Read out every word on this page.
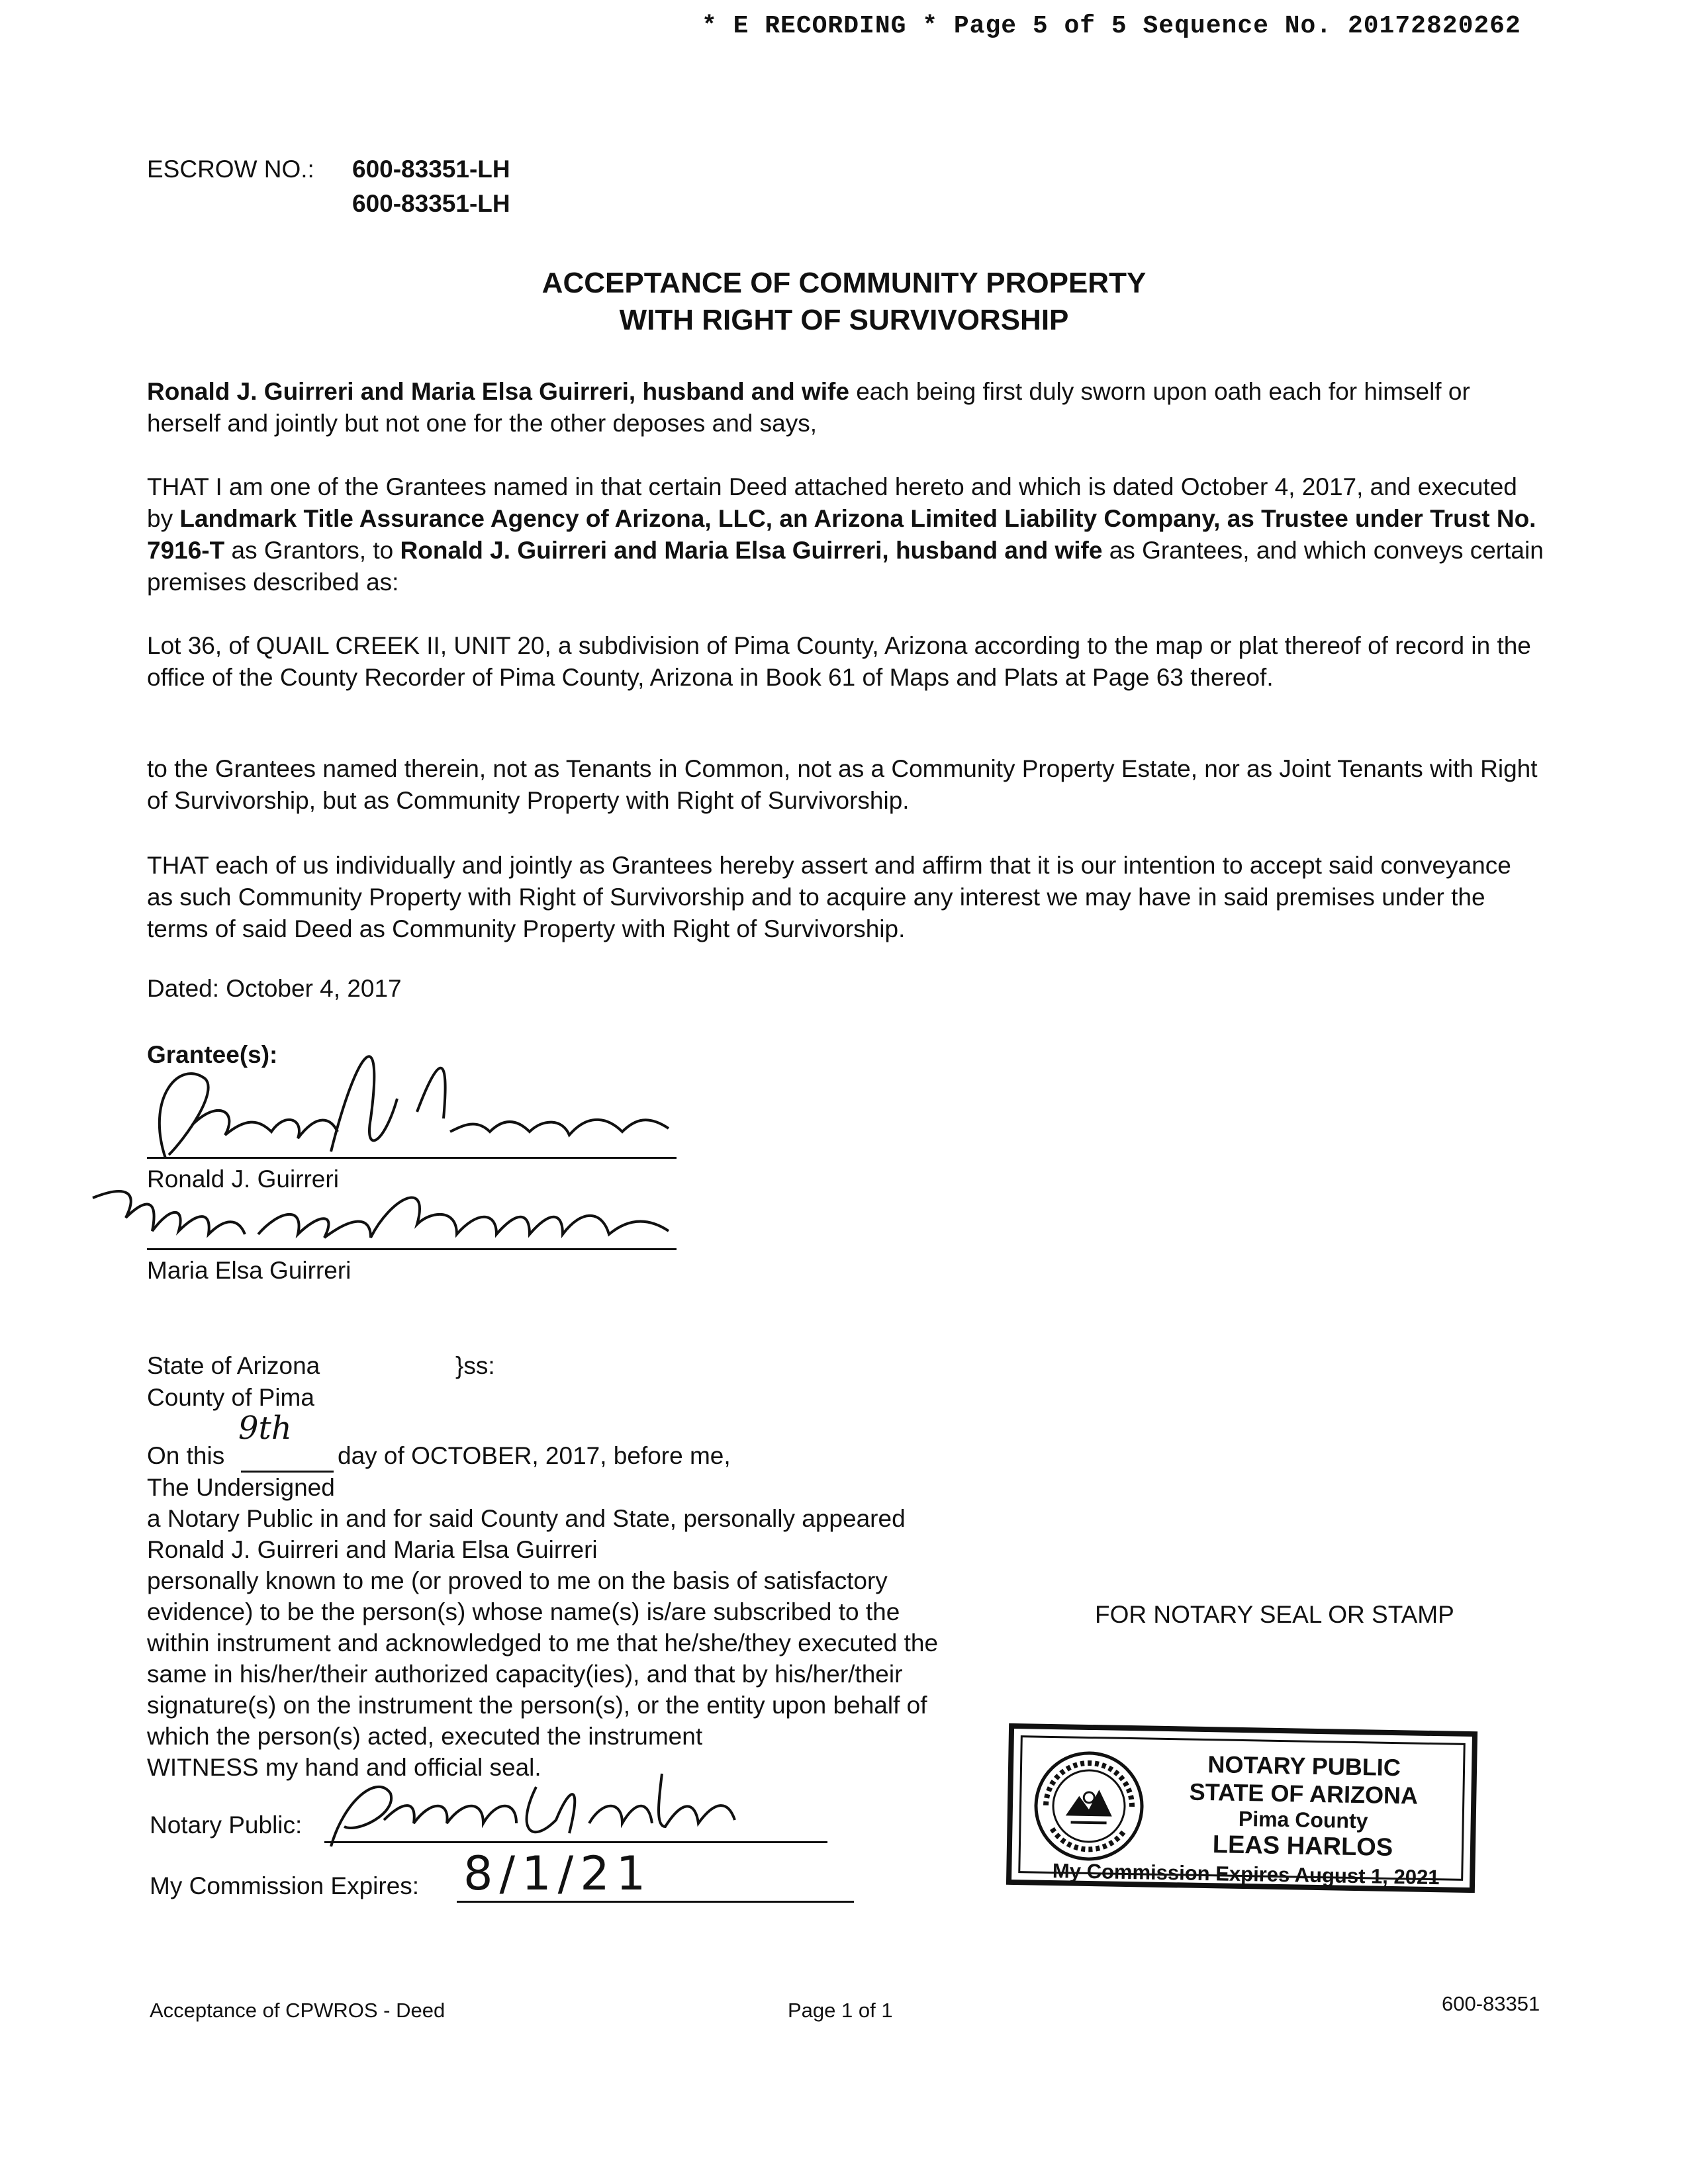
* E RECORDING * Page 5 of 5 Sequence No. 20172820262
ESCROW NO.: 600-83351-LH
600-83351-LH
ACCEPTANCE OF COMMUNITY PROPERTY
WITH RIGHT OF SURVIVORSHIP
Ronald J. Guirreri and Maria Elsa Guirreri, husband and wife each being first duly sworn upon oath each for himself or herself and jointly but not one for the other deposes and says,
THAT I am one of the Grantees named in that certain Deed attached hereto and which is dated October 4, 2017, and executed by Landmark Title Assurance Agency of Arizona, LLC, an Arizona Limited Liability Company, as Trustee under Trust No. 7916-T as Grantors, to Ronald J. Guirreri and Maria Elsa Guirreri, husband and wife as Grantees, and which conveys certain premises described as:
Lot 36, of QUAIL CREEK II, UNIT 20, a subdivision of Pima County, Arizona according to the map or plat thereof of record in the office of the County Recorder of Pima County, Arizona in Book 61 of Maps and Plats at Page 63 thereof.
to the Grantees named therein, not as Tenants in Common, not as a Community Property Estate, nor as Joint Tenants with Right of Survivorship, but as Community Property with Right of Survivorship.
THAT each of us individually and jointly as Grantees hereby assert and affirm that it is our intention to accept said conveyance as such Community Property with Right of Survivorship and to acquire any interest we may have in said premises under the terms of said Deed as Community Property with Right of Survivorship.
Dated: October 4, 2017
Grantee(s):
Ronald J. Guirreri
Maria Elsa Guirreri
State of Arizona	}ss:
County of Pima
9th
On this	day of OCTOBER, 2017, before me,
The Undersigned
a Notary Public in and for said County and State, personally appeared
Ronald J. Guirreri and Maria Elsa Guirreri
personally known to me (or proved to me on the basis of satisfactory
evidence) to be the person(s) whose name(s) is/are subscribed to the
within instrument and acknowledged to me that he/she/they executed the
same in his/her/their authorized capacity(ies), and that by his/her/their
signature(s) on the instrument the person(s), or the entity upon behalf of
which the person(s) acted, executed the instrument
WITNESS my hand and official seal.
FOR NOTARY SEAL OR STAMP
Notary Public:
My Commission Expires: 8/1/21
NOTARY PUBLIC
STATE OF ARIZONA
Pima County
LEAS HARLOS
My Commission Expires August 1, 2021
Acceptance of CPWROS - Deed	Page 1 of 1	600-83351
